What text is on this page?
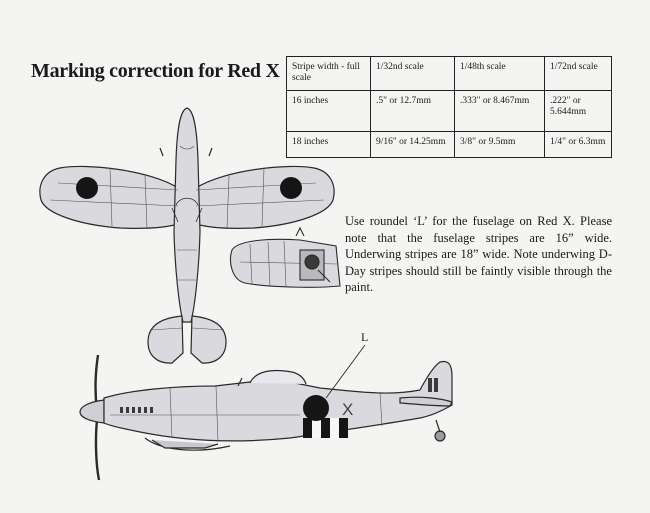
Marking correction for Red X Stripe width - full scale	1/32nd scale	1/48th scale	1/72nd scale
16 inches	.5" or 12.7mm	.333" or 8.467mm	.222" or 5.644mm
18 inches	9/16" or 14.25mm	3/8" or 9.5mm	1/4" or 6.3mm

Use roundel ‘L’ for the fuselage on Red X. Please note that the fuselage stripes are 16” wide. Underwing stripes are 18” wide. Note underwing D-Day stripes should still be faintly visible through the paint.

L

X
